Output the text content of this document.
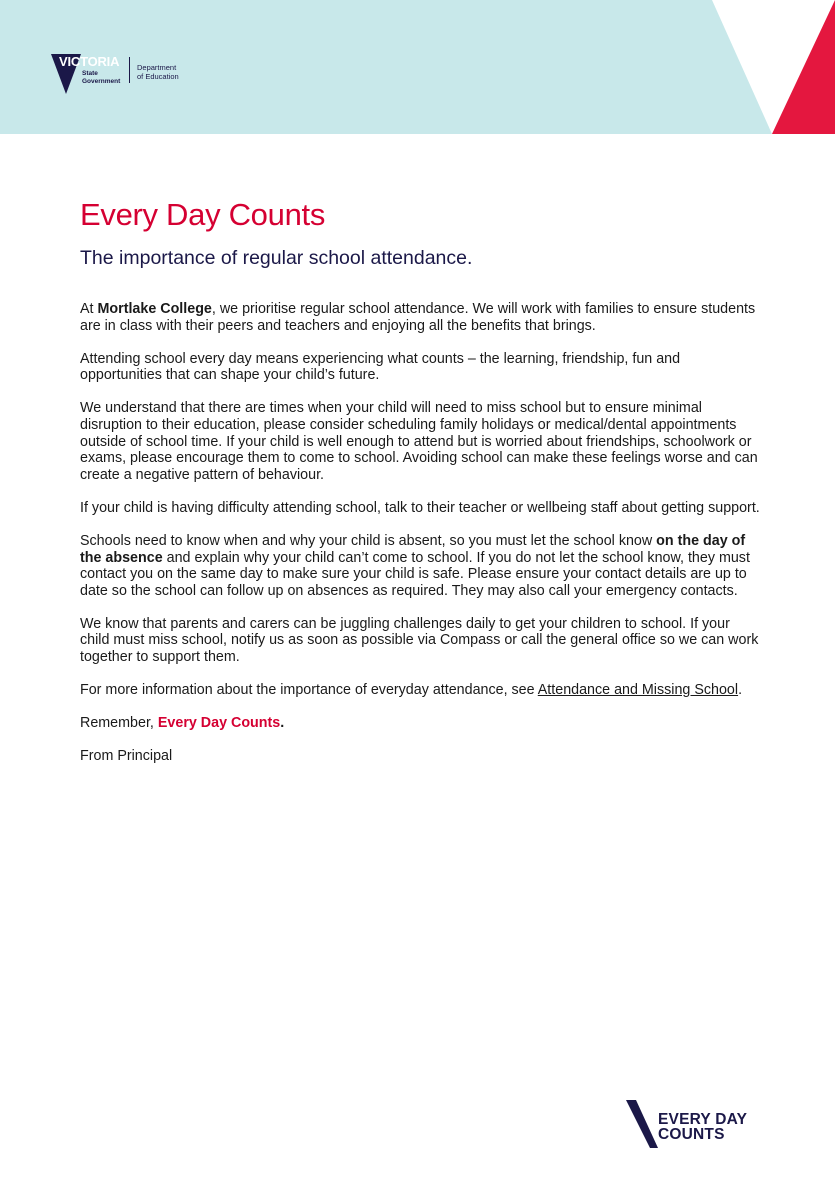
VICTORIA
State
Government
Department
of Education
Every Day Counts
The importance of regular school attendance.

At Mortlake College, we prioritise regular school attendance. We will work with families to ensure students are in class with their peers and teachers and enjoying all the benefits that brings.

Attending school every day means experiencing what counts – the learning, friendship, fun and opportunities that can shape your child’s future.

We understand that there are times when your child will need to miss school but to ensure minimal disruption to their education, please consider scheduling family holidays or medical/dental appointments outside of school time. If your child is well enough to attend but is worried about friendships, schoolwork or exams, please encourage them to come to school. Avoiding school can make these feelings worse and can create a negative pattern of behaviour.

If your child is having difficulty attending school, talk to their teacher or wellbeing staff about getting support.

Schools need to know when and why your child is absent, so you must let the school know on the day of the absence and explain why your child can’t come to school. If you do not let the school know, they must contact you on the same day to make sure your child is safe. Please ensure your contact details are up to date so the school can follow up on absences as required. They may also call your emergency contacts.

We know that parents and carers can be juggling challenges daily to get your children to school. If your child must miss school, notify us as soon as possible via Compass or call the general office so we can work together to support them.

For more information about the importance of everyday attendance, see Attendance and Missing School.

Remember, Every Day Counts.

From Principal

EVERY DAY
COUNTS
